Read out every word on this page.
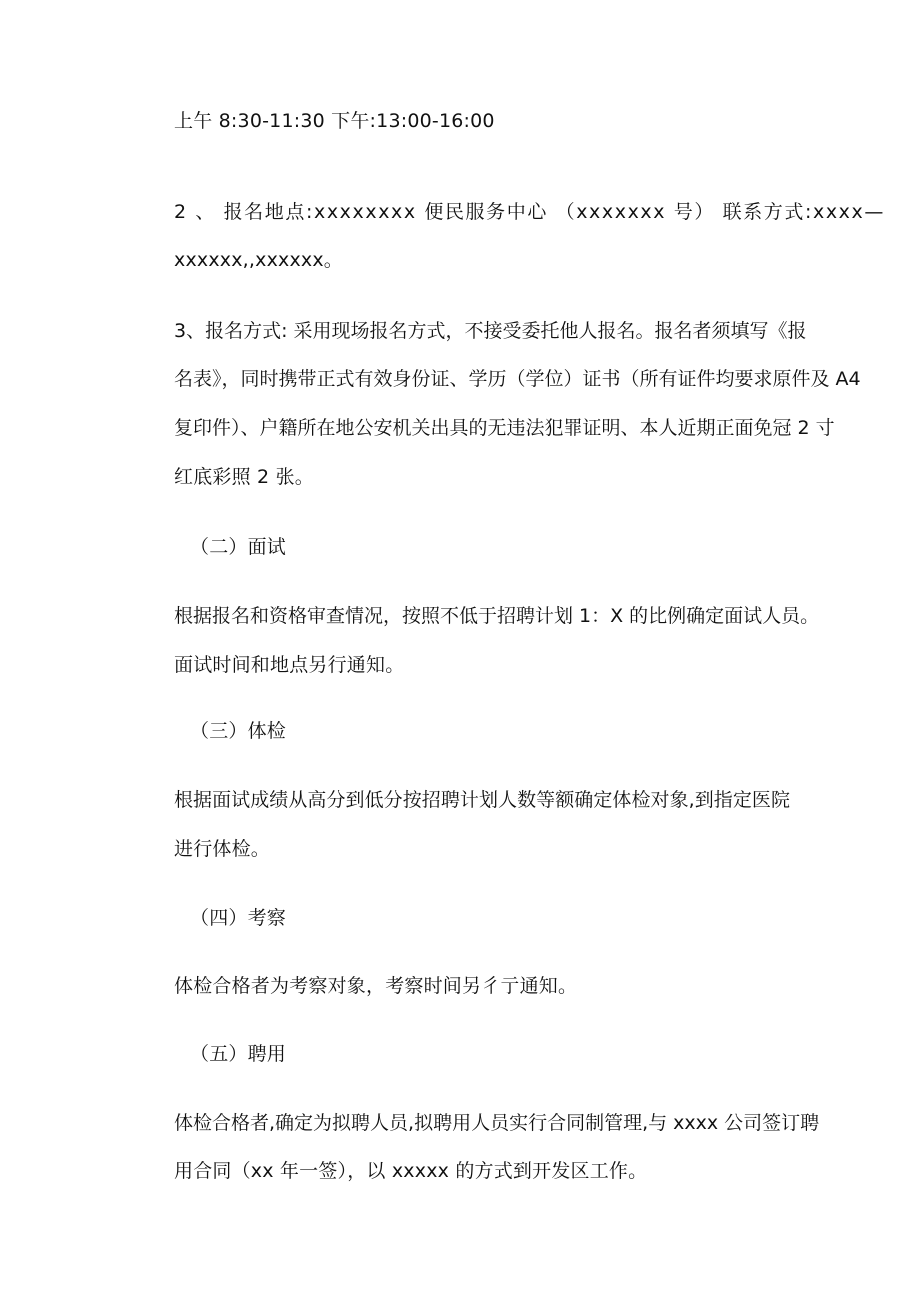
上午 8:30-11:30 下午:13:00-16:00
2 、 报名地点:xxxxxxxx 便民服务中心 （xxxxxxx 号） 联系方式:xxxx—
xxxxxx,,xxxxxx。
3、报名方式: 采用现场报名方式，不接受委托他人报名。报名者须填写《报
名表》，同时携带正式有效身份证、学历（学位）证书（所有证件均要求原件及 A4
复印件）、户籍所在地公安机关出具的无违法犯罪证明、本人近期正面免冠 2 寸
红底彩照 2 张。
（二）面试
根据报名和资格审查情况，按照不低于招聘计划 1：X 的比例确定面试人员。
面试时间和地点另行通知。
（三）体检
根据面试成绩从高分到低分按招聘计划人数等额确定体检对象,到指定医院
进行体检。
（四）考察
体检合格者为考察对象，考察时间另彳亍通知。
（五）聘用
体检合格者,确定为拟聘人员,拟聘用人员实行合同制管理,与 xxxx 公司签订聘
用合同（xx 年一签），以 xxxxx 的方式到开发区工作。
